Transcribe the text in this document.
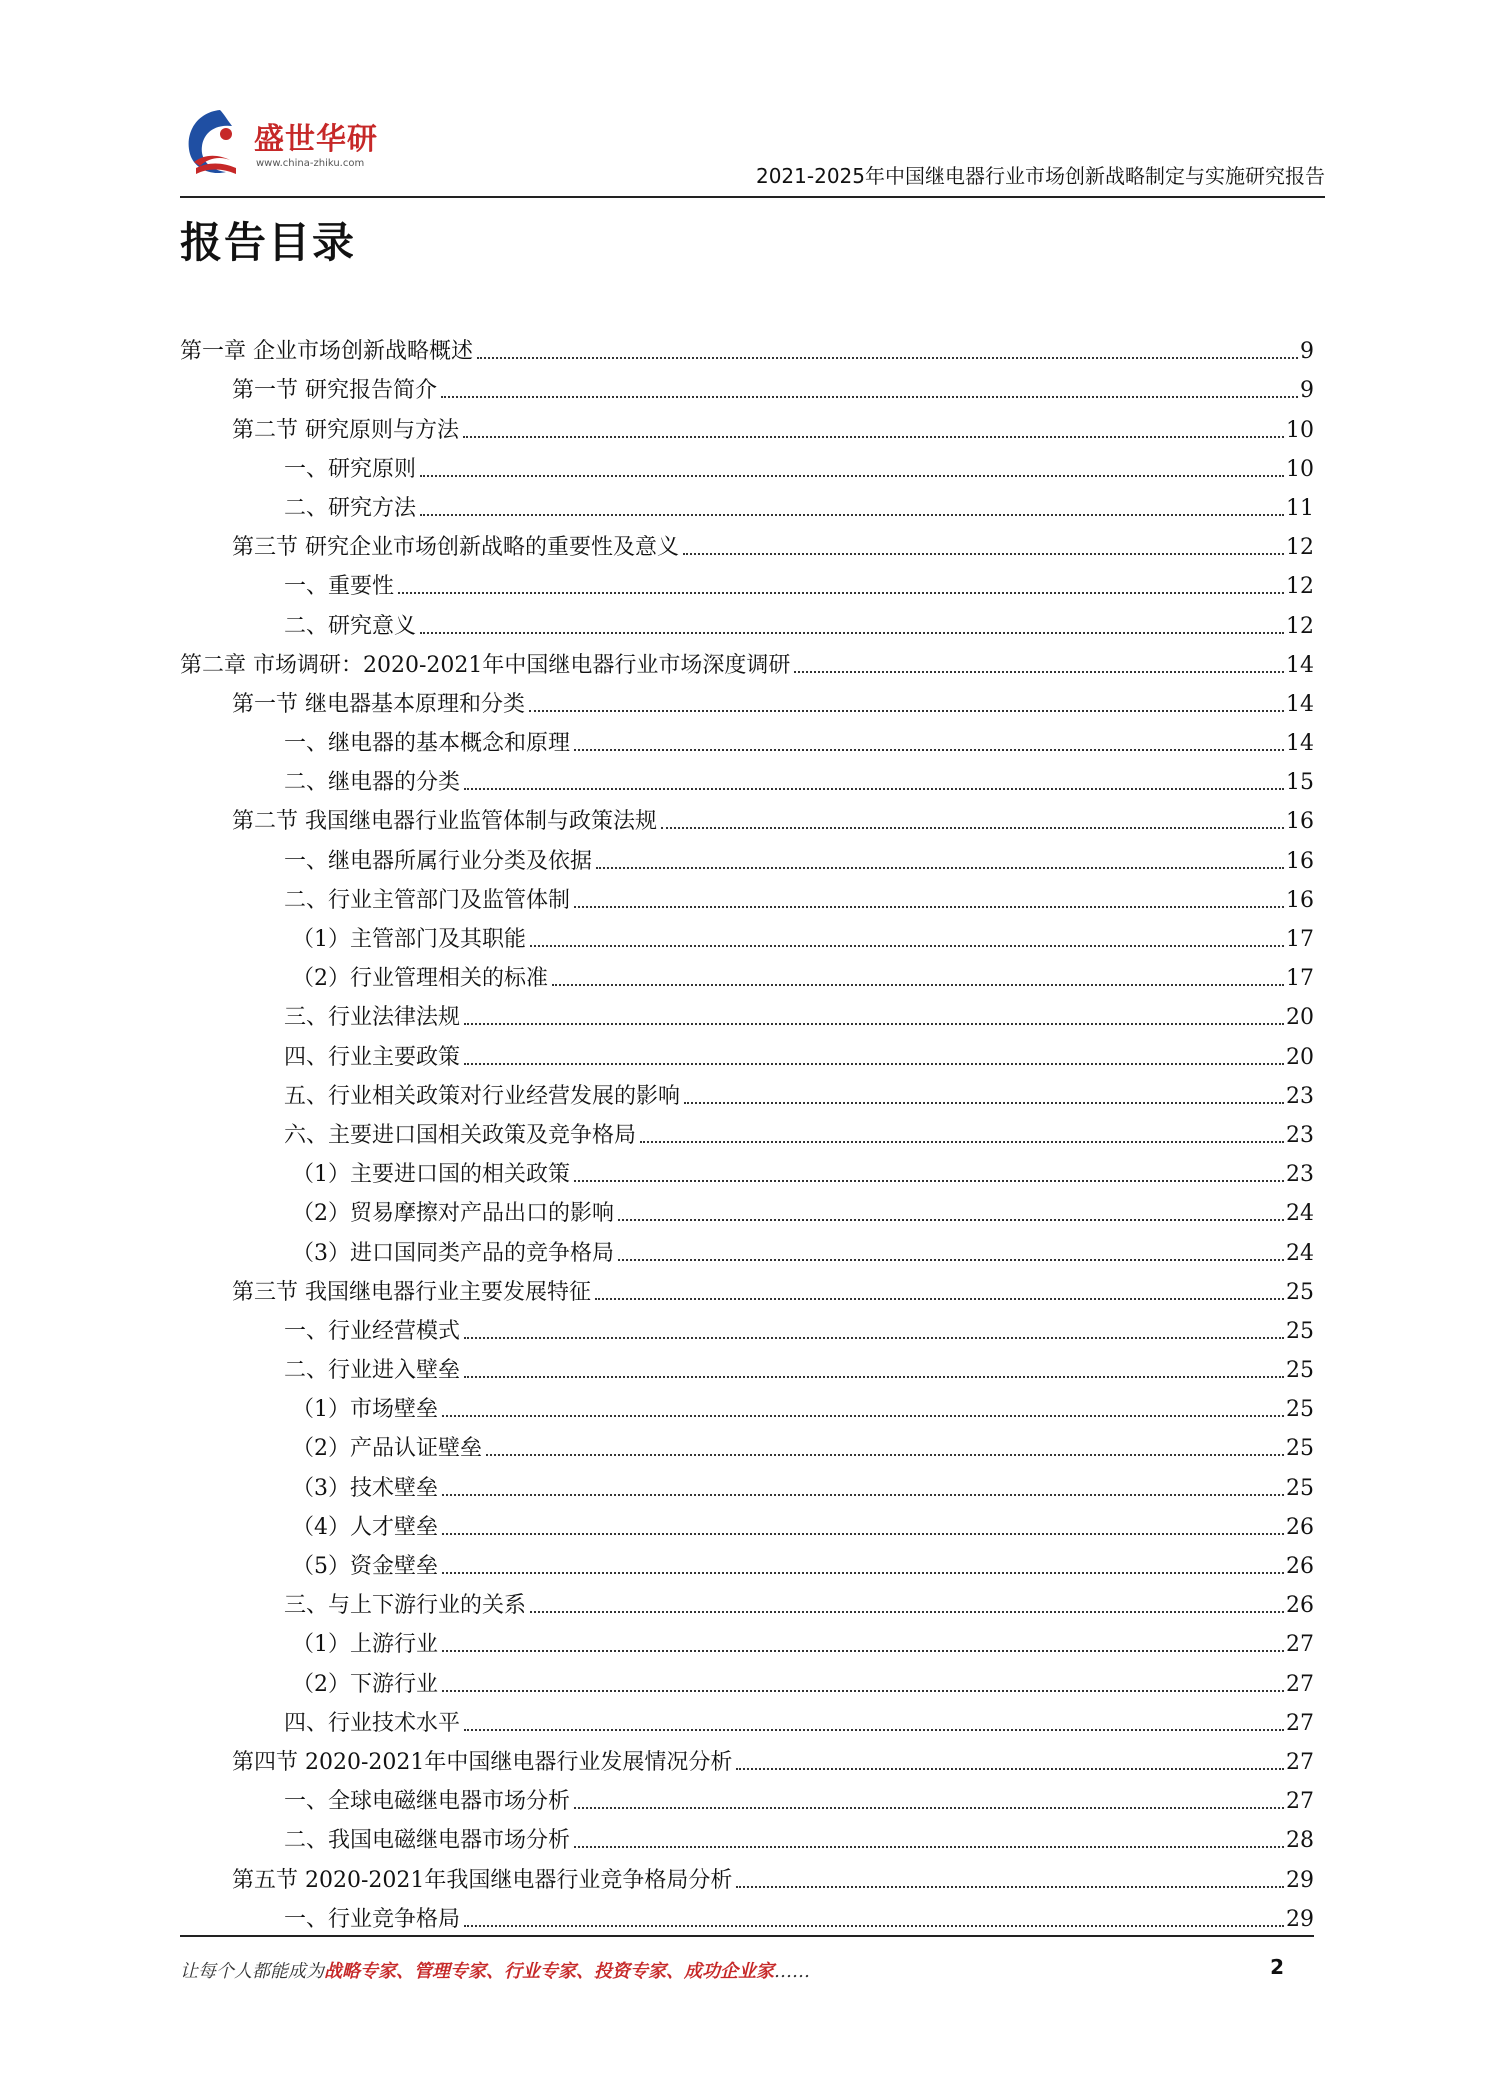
盛世华研
www.china-zhiku.com
2021-2025年中国继电器行业市场创新战略制定与实施研究报告
报告目录
第一章 企业市场创新战略概述	9
第一节 研究报告简介	9
第二节 研究原则与方法	10
一、研究原则	10
二、研究方法	11
第三节 研究企业市场创新战略的重要性及意义	12
一、重要性	12
二、研究意义	12
第二章 市场调研：2020-2021年中国继电器行业市场深度调研	14
第一节 继电器基本原理和分类	14
一、继电器的基本概念和原理	14
二、继电器的分类	15
第二节 我国继电器行业监管体制与政策法规	16
一、继电器所属行业分类及依据	16
二、行业主管部门及监管体制	16
（1）主管部门及其职能	17
（2）行业管理相关的标准	17
三、行业法律法规	20
四、行业主要政策	20
五、行业相关政策对行业经营发展的影响	23
六、主要进口国相关政策及竞争格局	23
（1）主要进口国的相关政策	23
（2）贸易摩擦对产品出口的影响	24
（3）进口国同类产品的竞争格局	24
第三节 我国继电器行业主要发展特征	25
一、行业经营模式	25
二、行业进入壁垒	25
（1）市场壁垒	25
（2）产品认证壁垒	25
（3）技术壁垒	25
（4）人才壁垒	26
（5）资金壁垒	26
三、与上下游行业的关系	26
（1）上游行业	27
（2）下游行业	27
四、行业技术水平	27
第四节 2020-2021年中国继电器行业发展情况分析	27
一、全球电磁继电器市场分析	27
二、我国电磁继电器市场分析	28
第五节 2020-2021年我国继电器行业竞争格局分析	29
一、行业竞争格局	29
让每个人都能成为战略专家、管理专家、行业专家、投资专家、成功企业家……	2
